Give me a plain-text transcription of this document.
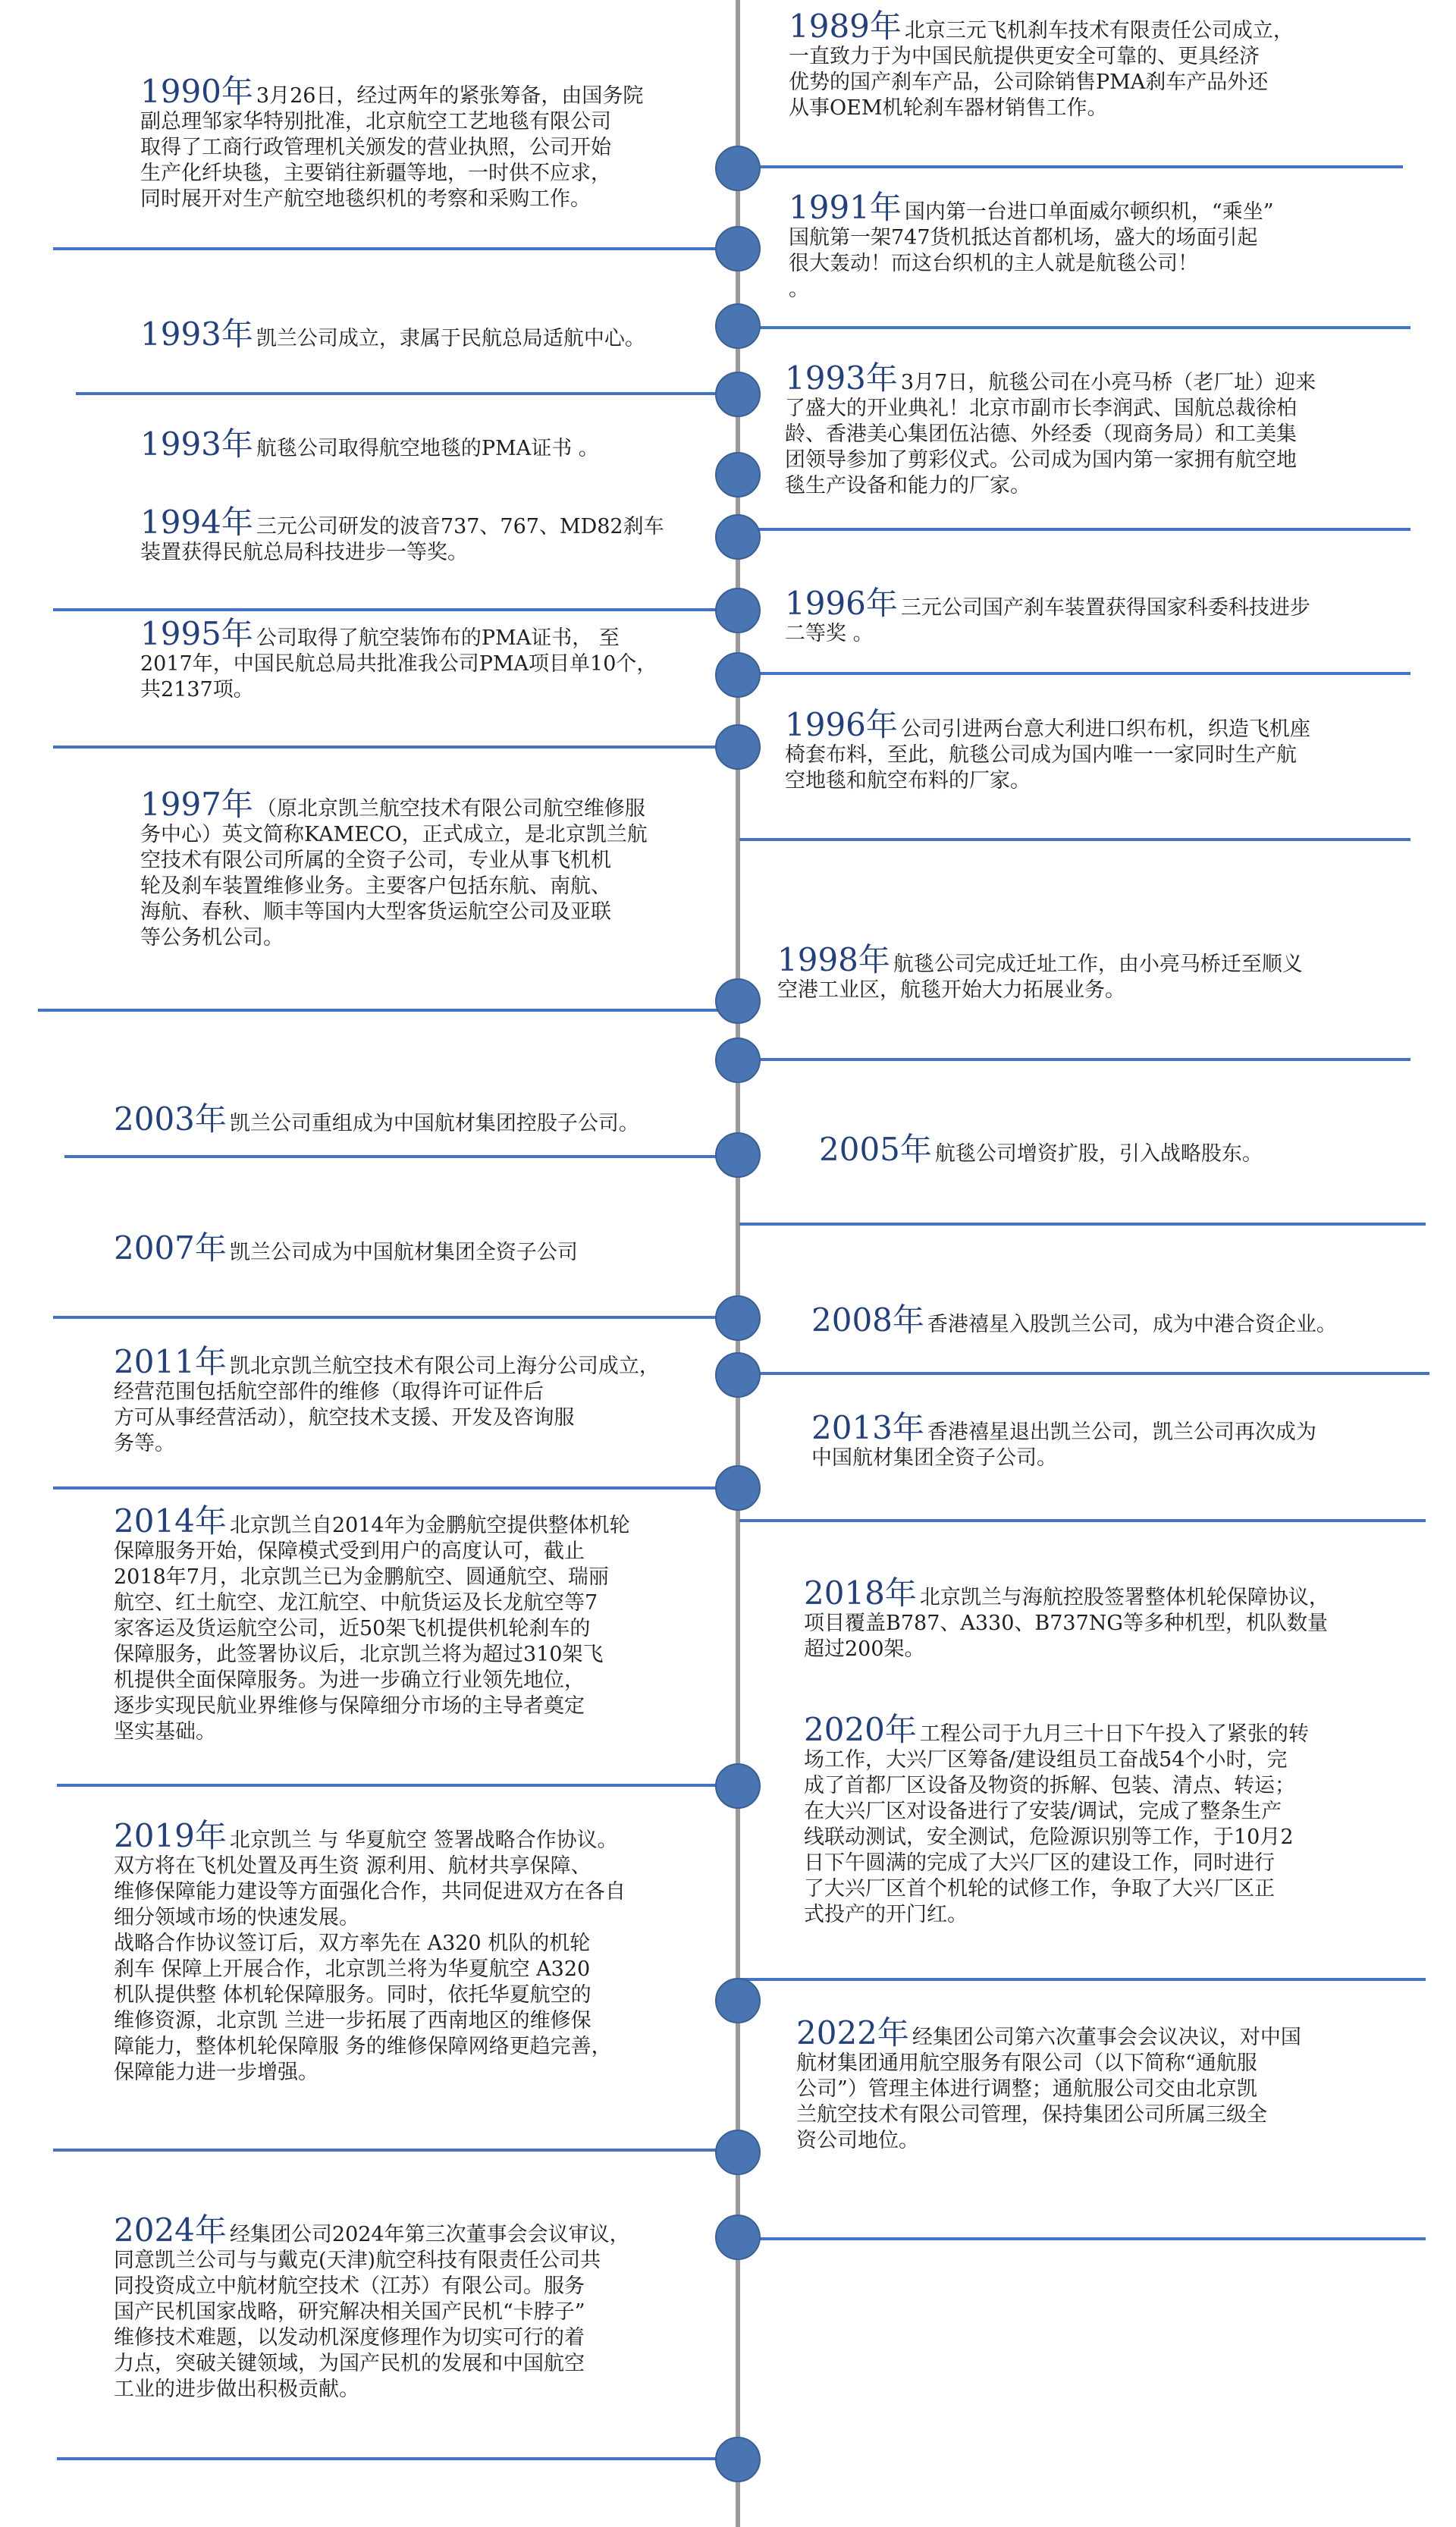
1989年 北京三元飞机刹车技术有限责任公司成立，
一直致力于为中国民航提供更安全可靠的、更具经济
优势的国产刹车产品，公司除销售PMA刹车产品外还
从事OEM机轮刹车器材销售工作。
1990年 3月26日，经过两年的紧张筹备，由国务院
副总理邹家华特别批准，北京航空工艺地毯有限公司
取得了工商行政管理机关颁发的营业执照，公司开始
生产化纤块毯，主要销往新疆等地，一时供不应求，
同时展开对生产航空地毯织机的考察和采购工作。	1991年 国内第一台进口单面威尔顿织机，“乘坐”
国航第一架747货机抵达首都机场，盛大的场面引起
很大轰动！而这台织机的主人就是航毯公司！
。
1993年 凯兰公司成立，隶属于民航总局适航中心。
1993年 3月7日，航毯公司在小亮马桥（老厂址）迎来
了盛大的开业典礼！北京市副市长李润武、国航总裁徐柏
龄、香港美心集团伍沾德、外经委（现商务局）和工美集
团领导参加了剪彩仪式。公司成为国内第一家拥有航空地
毯生产设备和能力的厂家。
1993年 航毯公司取得航空地毯的PMA证书 。
1994年 三元公司研发的波音737、767、MD82刹车
装置获得民航总局科技进步一等奖。
1996年 三元公司国产刹车装置获得国家科委科技进步
二等奖 。
1995年 公司取得了航空装饰布的PMA证书， 至
2017年，中国民航总局共批准我公司PMA项目单10个，
共2137项。
1996年 公司引进两台意大利进口织布机，织造飞机座
椅套布料，至此，航毯公司成为国内唯一一家同时生产航
空地毯和航空布料的厂家。
1997年 （原北京凯兰航空技术有限公司航空维修服
务中心）英文简称KAMECO，正式成立，是北京凯兰航
空技术有限公司所属的全资子公司，专业从事飞机机
轮及刹车装置维修业务。主要客户包括东航、南航、
海航、春秋、顺丰等国内大型客货运航空公司及亚联
等公务机公司。
1998年 航毯公司完成迁址工作，由小亮马桥迁至顺义
空港工业区，航毯开始大力拓展业务。
2003年 凯兰公司重组成为中国航材集团控股子公司。
2005年 航毯公司增资扩股，引入战略股东。
2007年 凯兰公司成为中国航材集团全资子公司
2008年 香港禧星入股凯兰公司，成为中港合资企业。
2011年 凯北京凯兰航空技术有限公司上海分公司成立，
经营范围包括航空部件的维修（取得许可证件后
方可从事经营活动），航空技术支援、开发及咨询服
务等。	2013年 香港禧星退出凯兰公司，凯兰公司再次成为
中国航材集团全资子公司。
2014年 北京凯兰自2014年为金鹏航空提供整体机轮
保障服务开始，保障模式受到用户的高度认可，截止
2018年7月，北京凯兰已为金鹏航空、圆通航空、瑞丽
航空、红土航空、龙江航空、中航货运及长龙航空等7
家客运及货运航空公司，近50架飞机提供机轮刹车的
保障服务，此签署协议后，北京凯兰将为超过310架飞
机提供全面保障服务。为进一步确立行业领先地位，
逐步实现民航业界维修与保障细分市场的主导者奠定
坚实基础。
2018年 北京凯兰与海航控股签署整体机轮保障协议，
项目覆盖B787、A330、B737NG等多种机型，机队数量
超过200架。
2020年 工程公司于九月三十日下午投入了紧张的转
场工作，大兴厂区筹备/建设组员工奋战54个小时，完
成了首都厂区设备及物资的拆解、包装、清点、转运；
在大兴厂区对设备进行了安装/调试，完成了整条生产
线联动测试，安全测试，危险源识别等工作，于10月2
日下午圆满的完成了大兴厂区的建设工作，同时进行
了大兴厂区首个机轮的试修工作，争取了大兴厂区正
式投产的开门红。
2019年 北京凯兰 与 华夏航空 签署战略合作协议。
双方将在飞机处置及再生资 源利用、航材共享保障、
维修保障能力建设等方面强化合作，共同促进双方在各自
细分领域市场的快速发展。
战略合作协议签订后，双方率先在 A320 机队的机轮
刹车 保障上开展合作，北京凯兰将为华夏航空 A320
机队提供整 体机轮保障服务。同时，依托华夏航空的
维修资源，北京凯 兰进一步拓展了西南地区的维修保
障能力，整体机轮保障服 务的维修保障网络更趋完善，
保障能力进一步增强。
2022年 经集团公司第六次董事会会议决议，对中国
航材集团通用航空服务有限公司（以下简称“通航服
公司”）管理主体进行调整；通航服公司交由北京凯
兰航空技术有限公司管理，保持集团公司所属三级全
资公司地位。
2024年 经集团公司2024年第三次董事会会议审议，
同意凯兰公司与与戴克(天津)航空科技有限责任公司共
同投资成立中航材航空技术（江苏）有限公司。服务
国产民机国家战略，研究解决相关国产民机“卡脖子”
维修技术难题，以发动机深度修理作为切实可行的着
力点，突破关键领域，为国产民机的发展和中国航空
工业的进步做出积极贡献。
